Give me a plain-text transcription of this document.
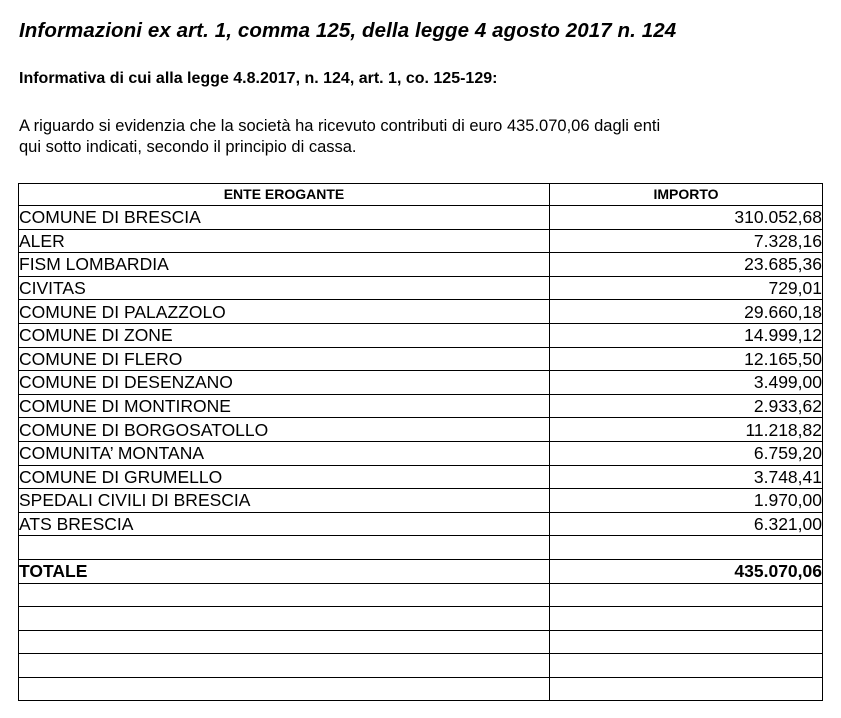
Informazioni ex art. 1, comma 125, della legge 4 agosto 2017 n. 124
Informativa di cui alla legge 4.8.2017, n. 124, art. 1, co. 125-129:
A riguardo si evidenzia che la società ha ricevuto contributi di euro 435.070,06 dagli enti
qui sotto indicati, secondo il principio di cassa.
ENTE EROGANTE	IMPORTO
COMUNE DI BRESCIA	310.052,68
ALER	7.328,16
FISM LOMBARDIA	23.685,36
CIVITAS	729,01
COMUNE DI PALAZZOLO	29.660,18
COMUNE DI ZONE	14.999,12
COMUNE DI FLERO	12.165,50
COMUNE DI DESENZANO	3.499,00
COMUNE DI MONTIRONE	2.933,62
COMUNE DI BORGOSATOLLO	11.218,82
COMUNITA’ MONTANA	6.759,20
COMUNE DI GRUMELLO	3.748,41
SPEDALI CIVILI DI BRESCIA	1.970,00
ATS BRESCIA	6.321,00

TOTALE	435.070,06
